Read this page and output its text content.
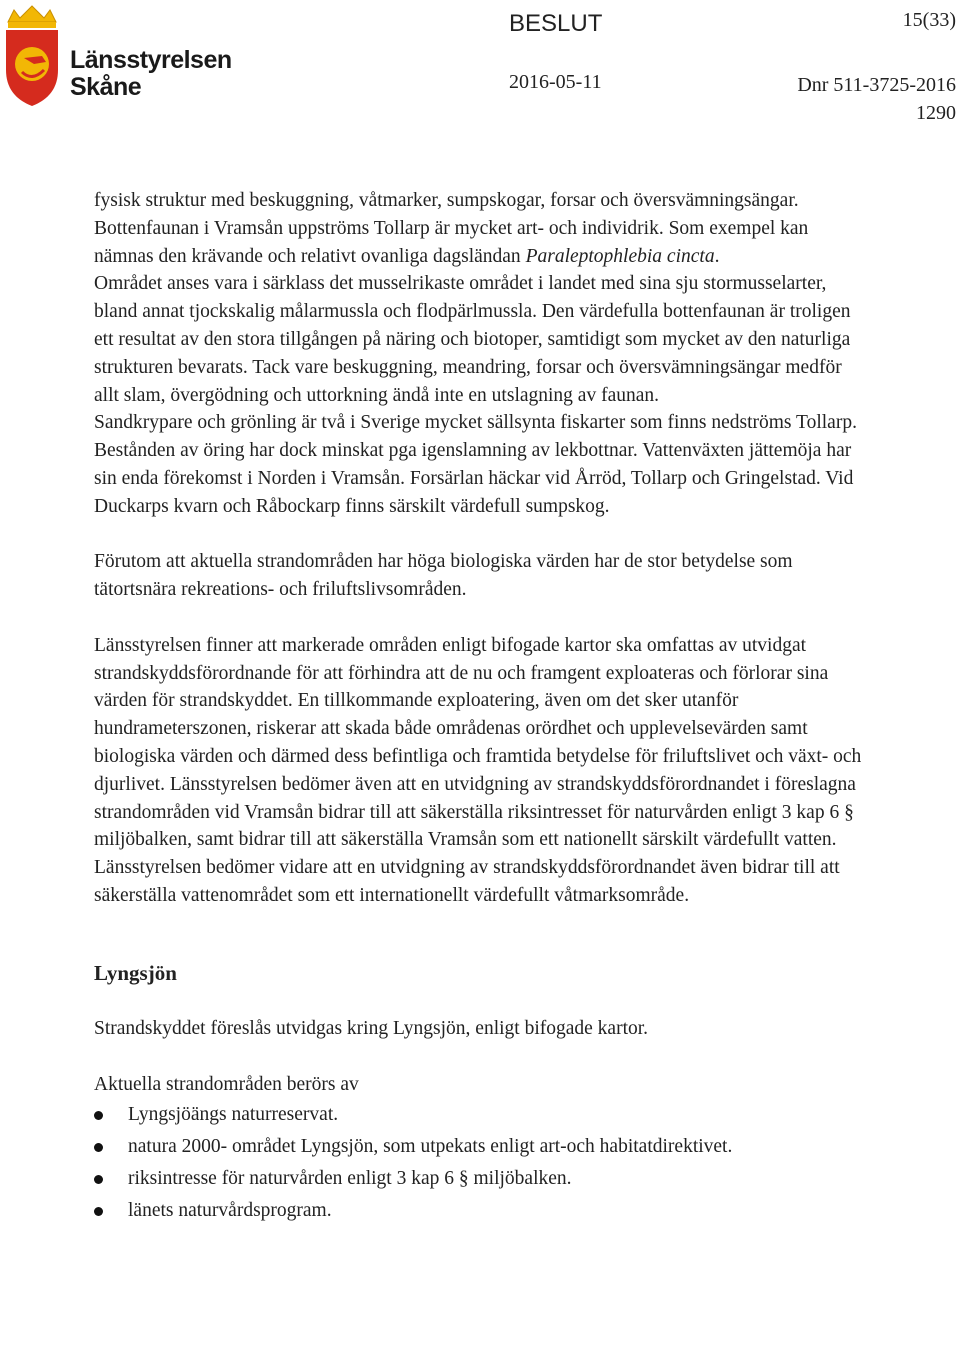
Länsstyrelsen
Skåne
BESLUT	15(33)
2016-05-11	Dnr 511-3725-2016
1290

fysisk struktur med beskuggning, våtmarker, sumpskogar, forsar och översvämningsängar.

Bottenfaunan i Vramsån uppströms Tollarp är mycket art- och individrik. Som exempel kan nämnas den krävande och relativt ovanliga dagsländan Paraleptophlebia cincta.

Området anses vara i särklass det musselrikaste området i landet med sina sju stormusselarter, bland annat tjockskalig målarmussla och flodpärlmussla. Den värdefulla bottenfaunan är troligen ett resultat av den stora tillgången på näring och biotoper, samtidigt som mycket av den naturliga strukturen bevarats. Tack vare beskuggning, meandring, forsar och översvämningsängar medför allt slam, övergödning och uttorkning ändå inte en utslagning av faunan.

Sandkrypare och grönling är två i Sverige mycket sällsynta fiskarter som finns nedströms Tollarp. Bestånden av öring har dock minskat pga igenslamning av lekbottnar. Vattenväxten jättemöja har sin enda förekomst i Norden i Vramsån. Forsärlan häckar vid Årröd, Tollarp och Gringelstad. Vid Duckarps kvarn och Råbockarp finns särskilt värdefull sumpskog.

Förutom att aktuella strandområden har höga biologiska värden har de stor betydelse som tätortsnära rekreations- och friluftslivsområden.

Länsstyrelsen finner att markerade områden enligt bifogade kartor ska omfattas av utvidgat strandskyddsförordnande för att förhindra att de nu och framgent exploateras och förlorar sina värden för strandskyddet. En tillkommande exploatering, även om det sker utanför hundrameterszonen, riskerar att skada både områdenas orördhet och upplevelsevärden samt biologiska värden och därmed dess befintliga och framtida betydelse för friluftslivet och växt- och djurlivet. Länsstyrelsen bedömer även att en utvidgning av strandskyddsförordnandet i föreslagna strandområden vid Vramsån bidrar till att säkerställa riksintresset för naturvården enligt 3 kap 6 § miljöbalken, samt bidrar till att säkerställa Vramsån som ett nationellt särskilt värdefullt vatten.

Länsstyrelsen bedömer vidare att en utvidgning av strandskyddsförordnandet även bidrar till att säkerställa vattenområdet som ett internationellt värdefullt våtmarksområde.

Lyngsjön

Strandskyddet föreslås utvidgas kring Lyngsjön, enligt bifogade kartor.

Aktuella strandområden berörs av

Lyngsjöängs naturreservat.
natura 2000- området Lyngsjön, som utpekats enligt art-och habitatdirektivet.
riksintresse för naturvården enligt 3 kap 6 § miljöbalken.
länets naturvårdsprogram.
